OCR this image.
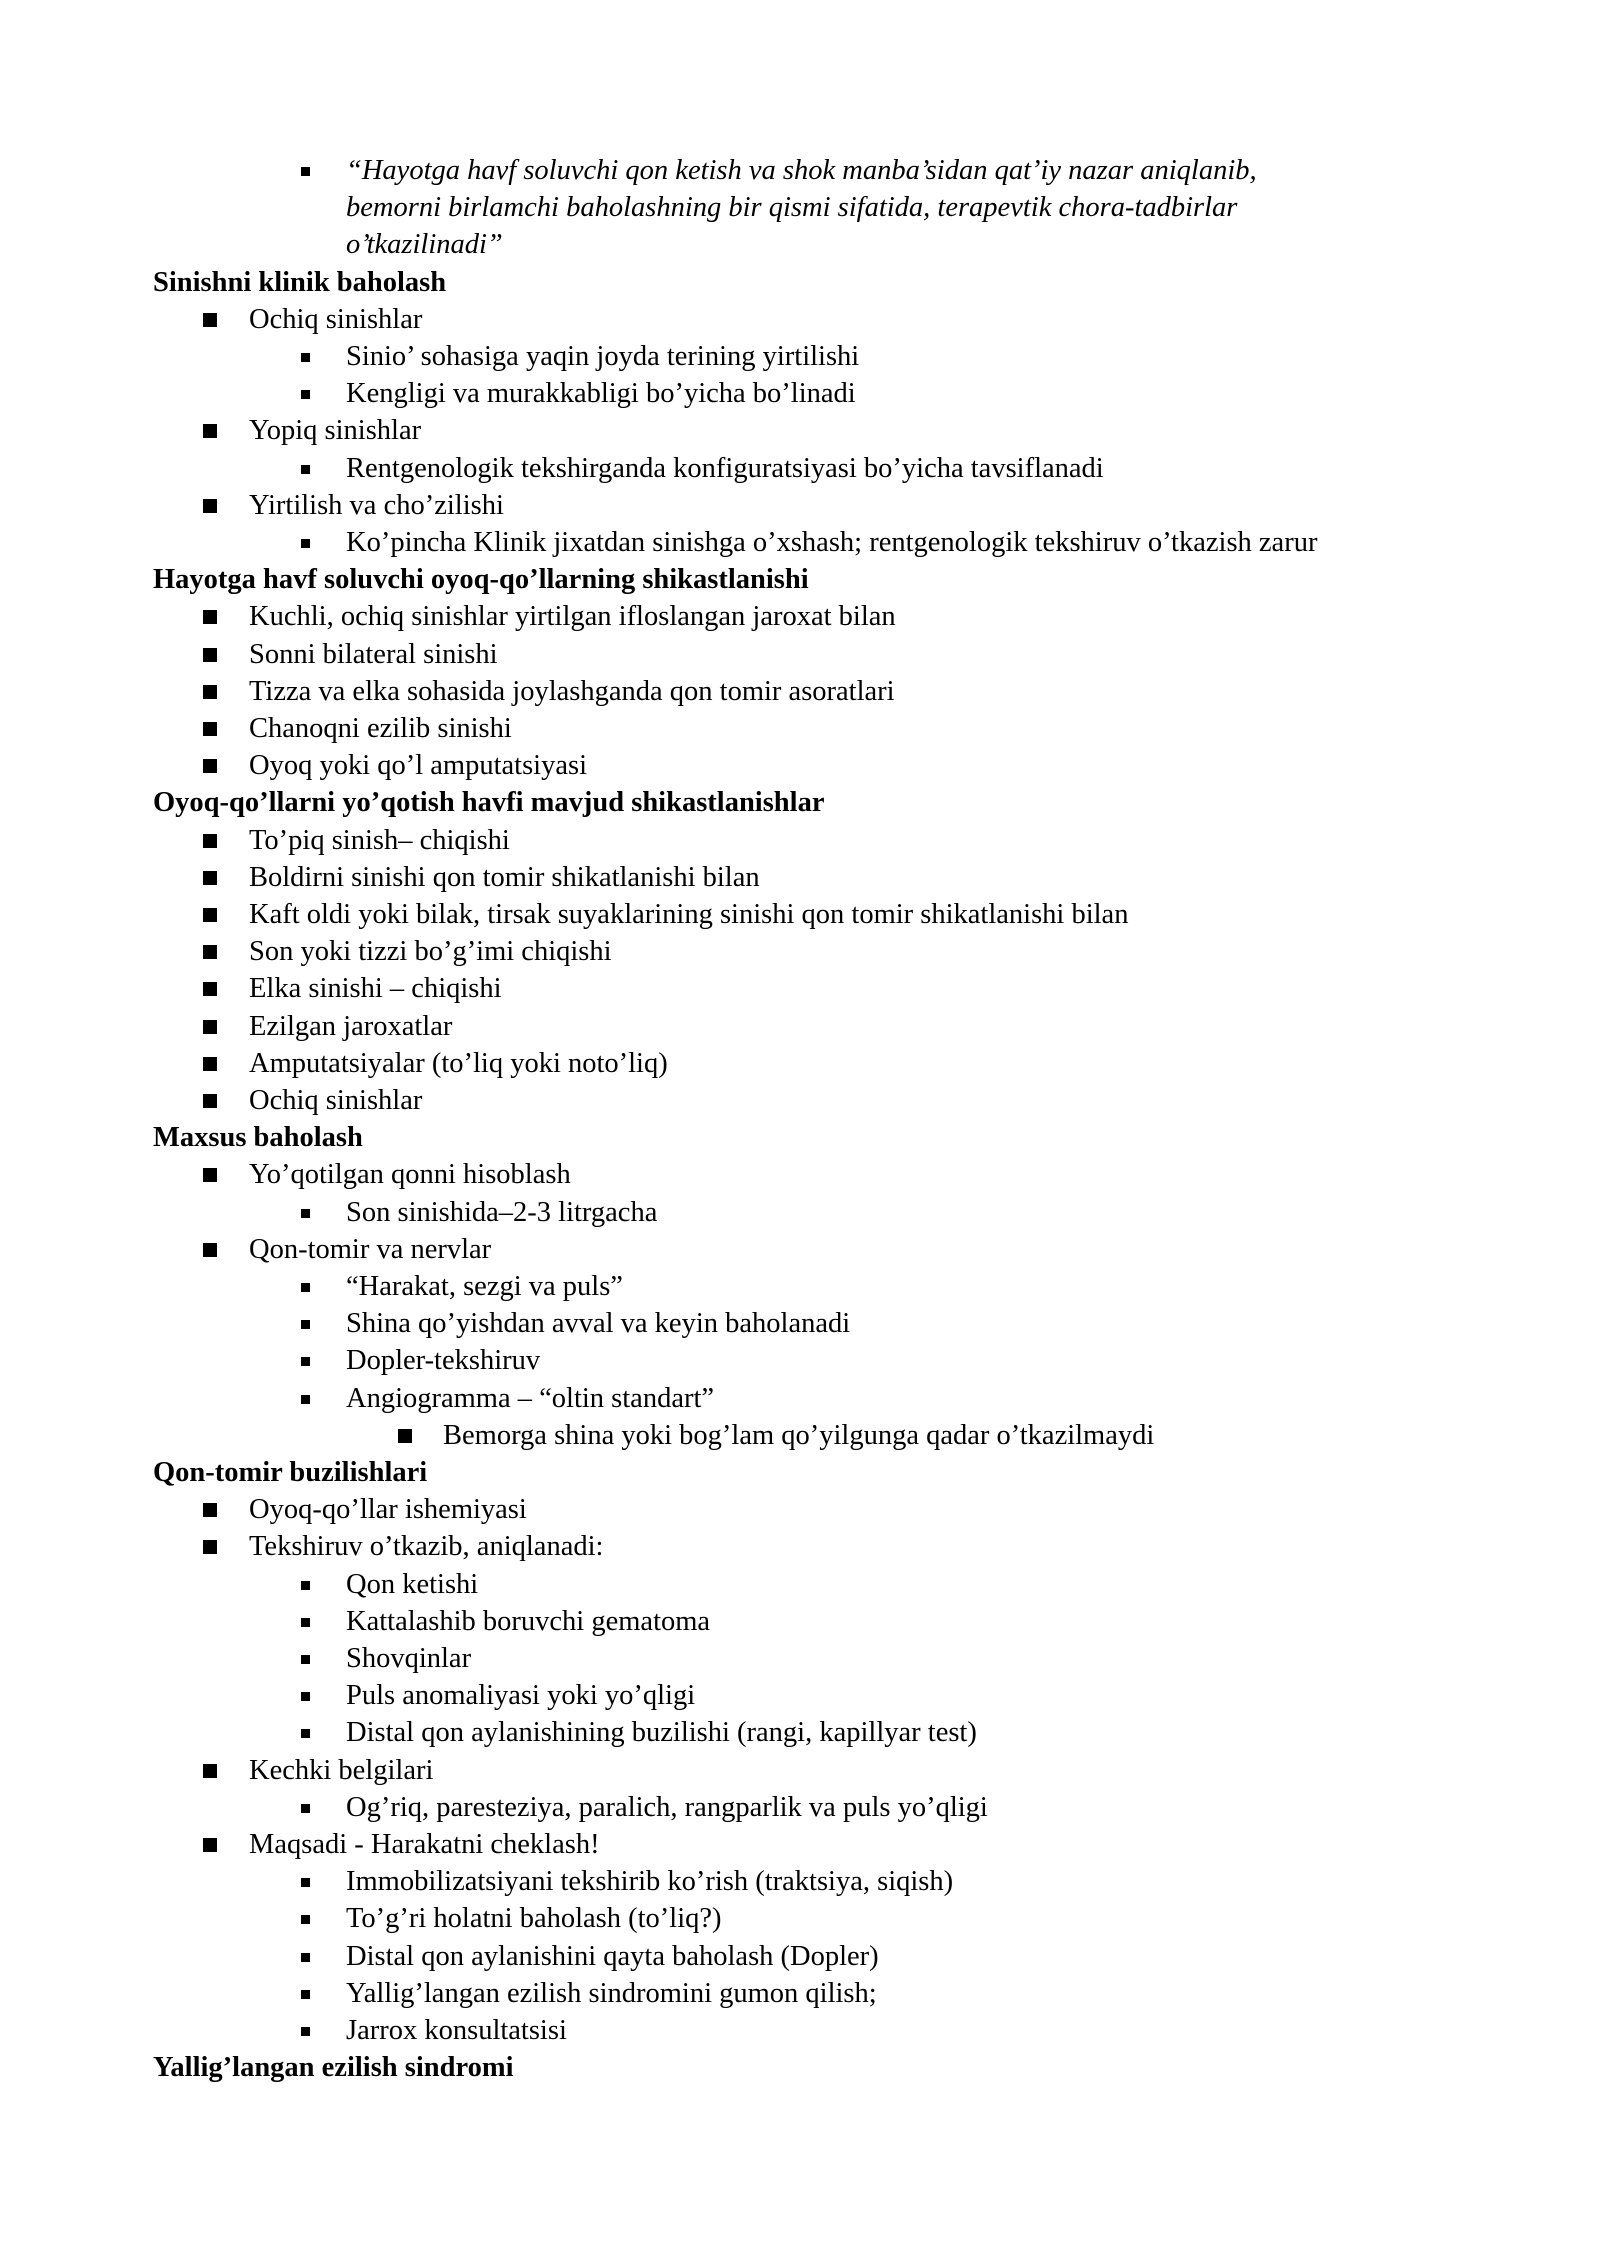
“Hayotga havf soluvchi qon ketish va shok manba’sidan qat’iy nazar aniqlanib,
bemorni birlamchi baholashning bir qismi sifatida, terapevtik chora-tadbirlar
o’tkazilinadi”
Sinishni klinik baholash
Ochiq sinishlar
Sinio’ sohasiga yaqin joyda terining yirtilishi
Kengligi va murakkabligi bo’yicha bo’linadi
Yopiq sinishlar
Rentgenologik tekshirganda konfiguratsiyasi bo’yicha tavsiflanadi
Yirtilish va cho’zilishi
Ko’pincha Klinik jixatdan sinishga o’xshash; rentgenologik tekshiruv o’tkazish zarur
Hayotga havf soluvchi oyoq-qo’llarning shikastlanishi
Kuchli, ochiq sinishlar yirtilgan ifloslangan jaroxat bilan
Sonni bilateral sinishi
Tizza va elka sohasida joylashganda qon tomir asoratlari
Chanoqni ezilib sinishi
Oyoq yoki qo’l amputatsiyasi
Oyoq-qo’llarni yo’qotish havfi mavjud shikastlanishlar
To’piq sinish– chiqishi
Boldirni sinishi qon tomir shikatlanishi bilan
Kaft oldi yoki bilak, tirsak suyaklarining sinishi qon tomir shikatlanishi bilan
Son yoki tizzi bo’g’imi chiqishi
Elka sinishi – chiqishi
Ezilgan jaroxatlar
Amputatsiyalar (to’liq yoki noto’liq)
Ochiq sinishlar
Maxsus baholash
Yo’qotilgan qonni hisoblash
Son sinishida–2-3 litrgacha
Qon-tomir va nervlar
“Harakat, sezgi va puls”
Shina qo’yishdan avval va keyin baholanadi
Dopler-tekshiruv
Angiogramma – “oltin standart”
Bemorga shina yoki bog’lam qo’yilgunga qadar o’tkazilmaydi
Qon-tomir buzilishlari
Oyoq-qo’llar ishemiyasi
Tekshiruv o’tkazib, aniqlanadi:
Qon ketishi
Kattalashib boruvchi gematoma
Shovqinlar
Puls anomaliyasi yoki yo’qligi
Distal qon aylanishining buzilishi (rangi, kapillyar test)
Kechki belgilari
Og’riq, paresteziya, paralich, rangparlik va puls yo’qligi
Maqsadi - Harakatni cheklash!
Immobilizatsiyani tekshirib ko’rish (traktsiya, siqish)
To’g’ri holatni baholash (to’liq?)
Distal qon aylanishini qayta baholash (Dopler)
Yallig’langan ezilish sindromini gumon qilish;
Jarrox konsultatsisi
Yallig’langan ezilish sindromi
